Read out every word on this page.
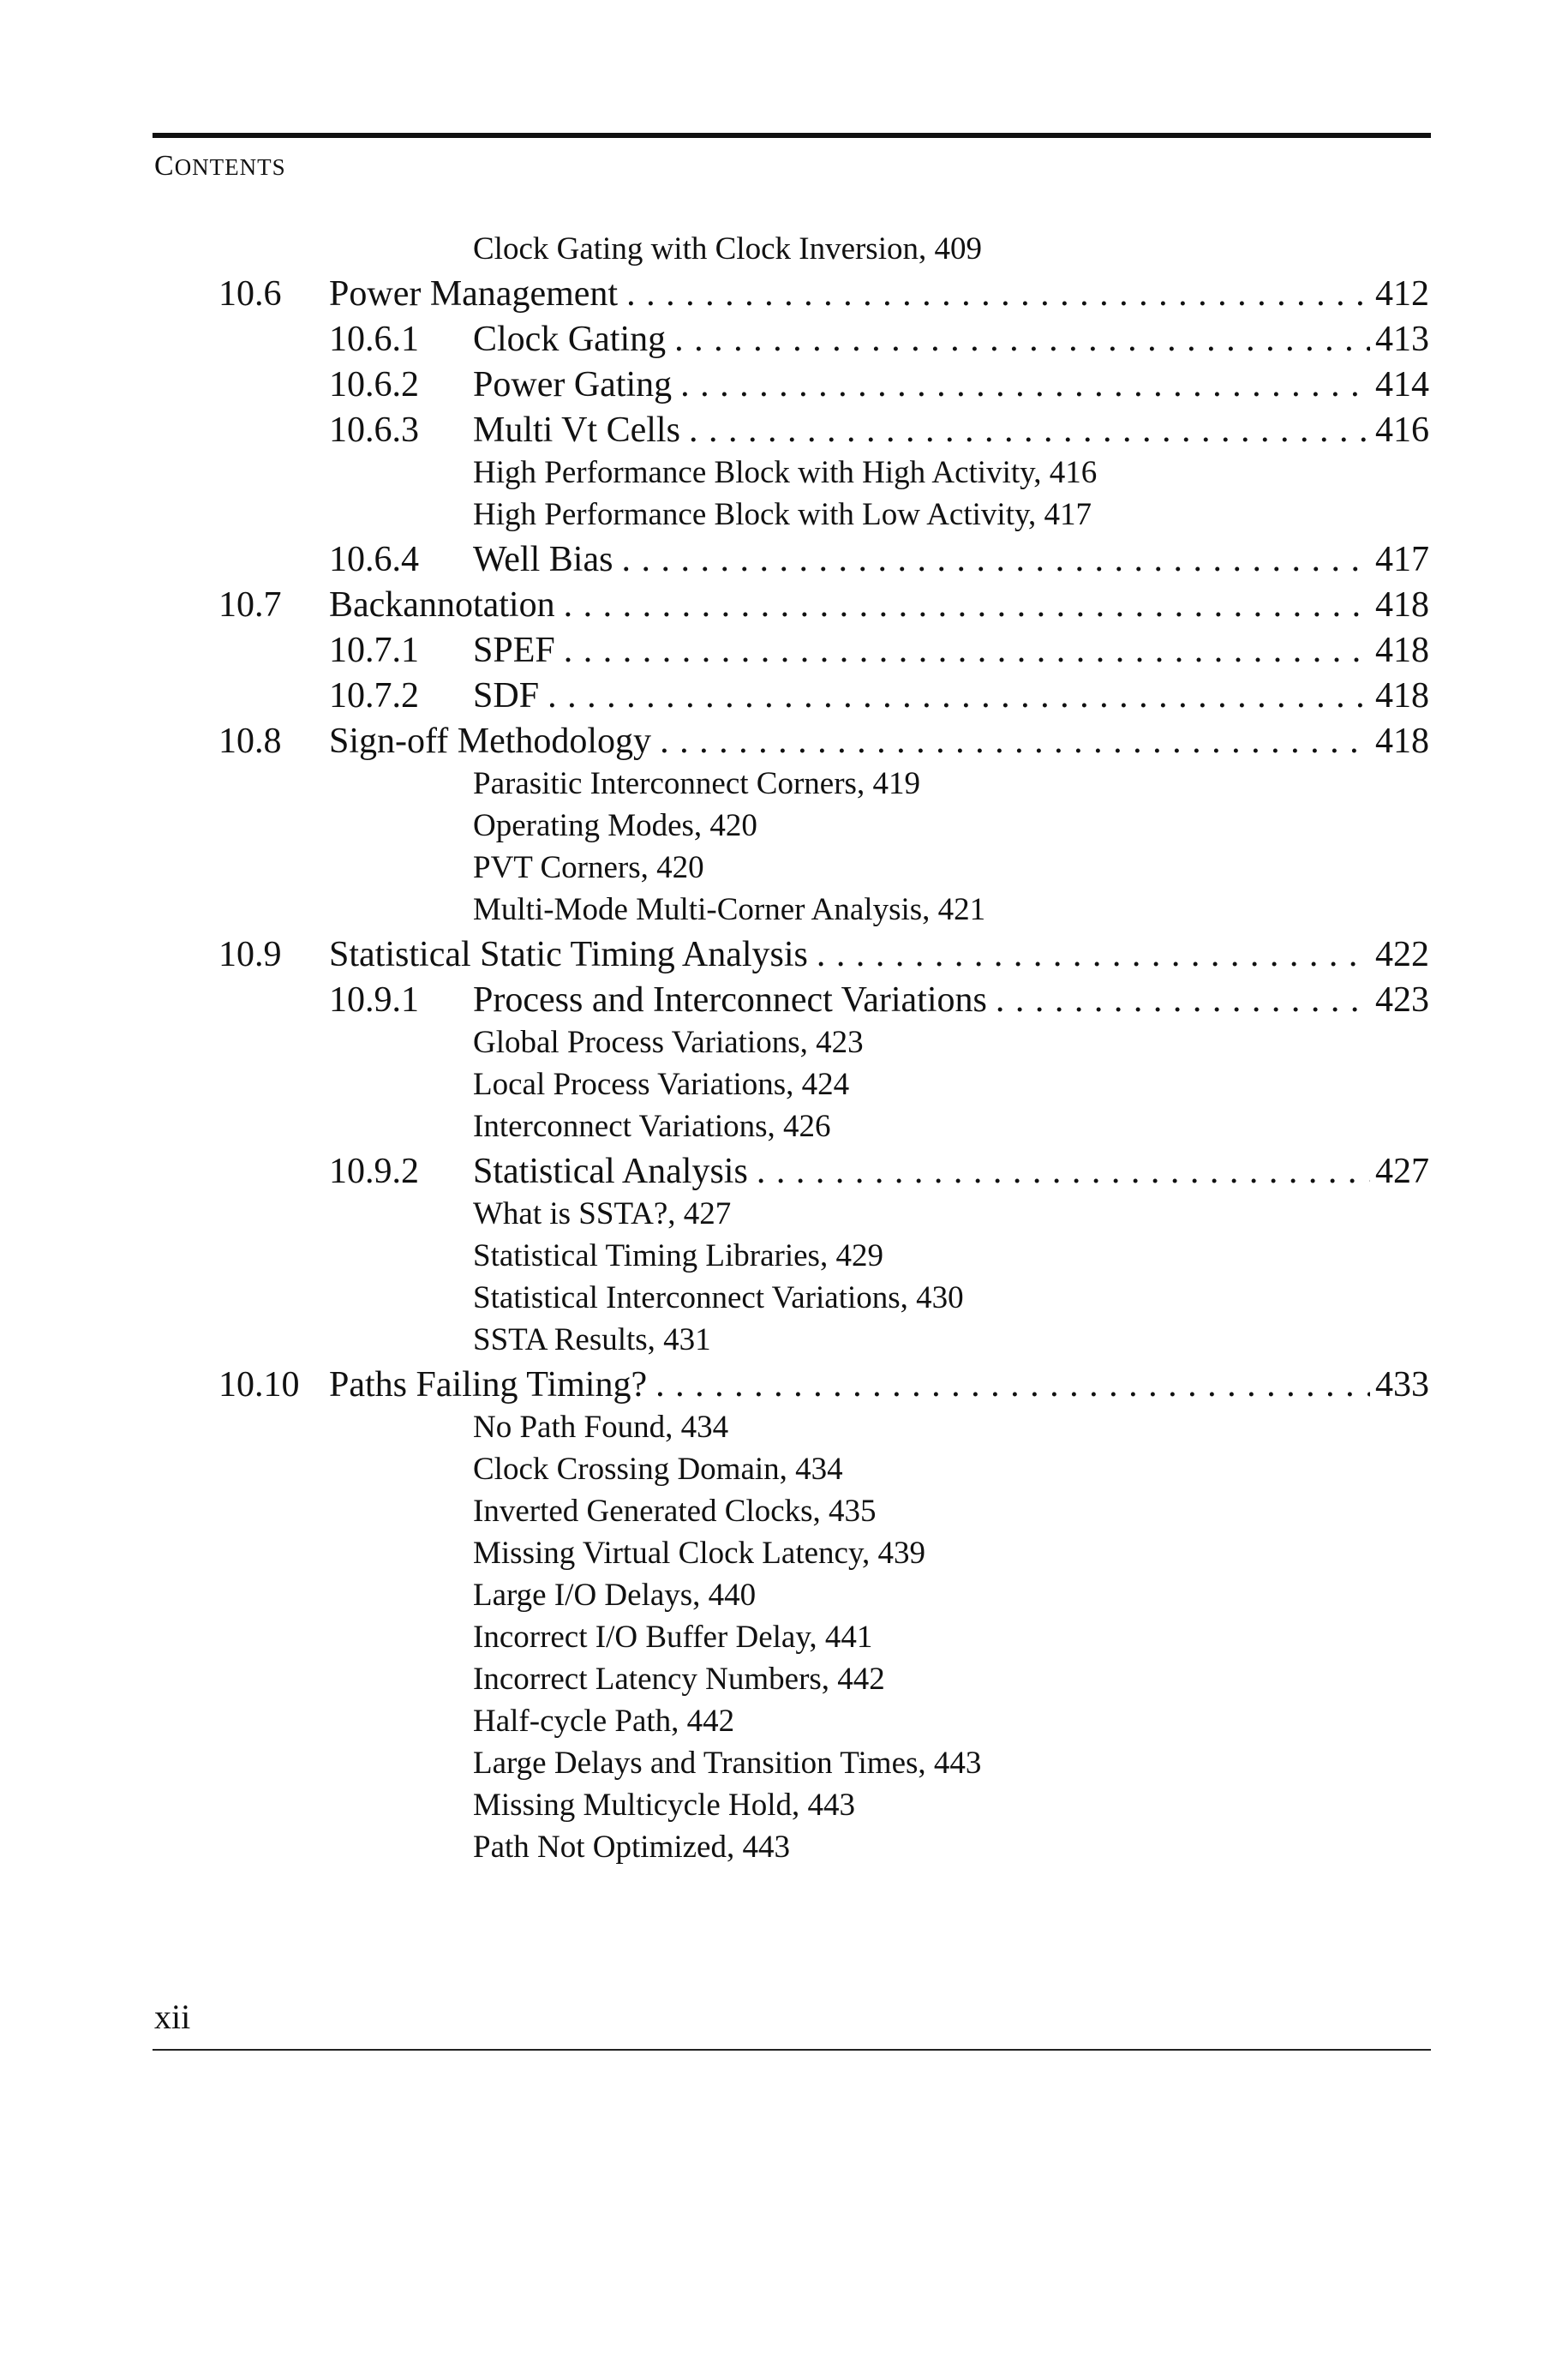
CONTENTS
Clock Gating with Clock Inversion, 409
10.6 Power Management .....	412
10.6.1 Clock Gating .....	413
10.6.2 Power Gating .....	414
10.6.3 Multi Vt Cells .....	416
High Performance Block with High Activity, 416
High Performance Block with Low Activity, 417
10.6.4 Well Bias .....	417
10.7 Backannotation .....	418
10.7.1 SPEF .....	418
10.7.2 SDF .....	418
10.8 Sign-off Methodology .....	418
Parasitic Interconnect Corners, 419
Operating Modes, 420
PVT Corners, 420
Multi-Mode Multi-Corner Analysis, 421
10.9 Statistical Static Timing Analysis .....	422
10.9.1 Process and Interconnect Variations .....	423
Global Process Variations, 423
Local Process Variations, 424
Interconnect Variations, 426
10.9.2 Statistical Analysis .....	427
What is SSTA?, 427
Statistical Timing Libraries, 429
Statistical Interconnect Variations, 430
SSTA Results, 431
10.10 Paths Failing Timing? .....	433
No Path Found, 434
Clock Crossing Domain, 434
Inverted Generated Clocks, 435
Missing Virtual Clock Latency, 439
Large I/O Delays, 440
Incorrect I/O Buffer Delay, 441
Incorrect Latency Numbers, 442
Half-cycle Path, 442
Large Delays and Transition Times, 443
Missing Multicycle Hold, 443
Path Not Optimized, 443
xii
